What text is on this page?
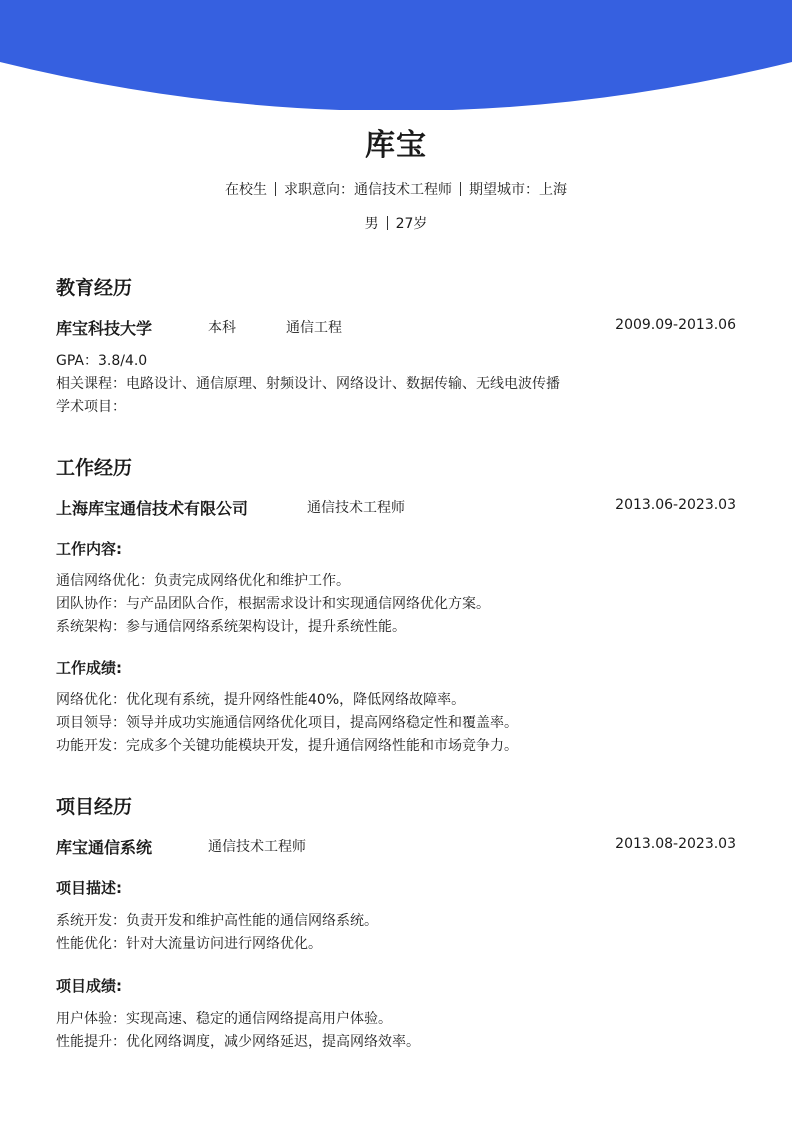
库宝
在校生 求职意向：通信技术工程师 期望城市：上海
男 27岁
教育经历
库宝科技大学	本科	通信工程	2009.09-2013.06
GPA：3.8/4.0
相关课程：电路设计、通信原理、射频设计、网络设计、数据传输、无线电波传播
学术项目：
工作经历
上海库宝通信技术有限公司	通信技术工程师	2013.06-2023.03
工作内容:
通信网络优化：负责完成网络优化和维护工作。
团队协作：与产品团队合作，根据需求设计和实现通信网络优化方案。
系统架构：参与通信网络系统架构设计，提升系统性能。
工作成绩:
网络优化：优化现有系统，提升网络性能40%，降低网络故障率。
项目领导：领导并成功实施通信网络优化项目，提高网络稳定性和覆盖率。
功能开发：完成多个关键功能模块开发，提升通信网络性能和市场竞争力。
项目经历
库宝通信系统	通信技术工程师	2013.08-2023.03
项目描述:
系统开发：负责开发和维护高性能的通信网络系统。
性能优化：针对大流量访问进行网络优化。
项目成绩:
用户体验：实现高速、稳定的通信网络提高用户体验。
性能提升：优化网络调度，减少网络延迟，提高网络效率。
